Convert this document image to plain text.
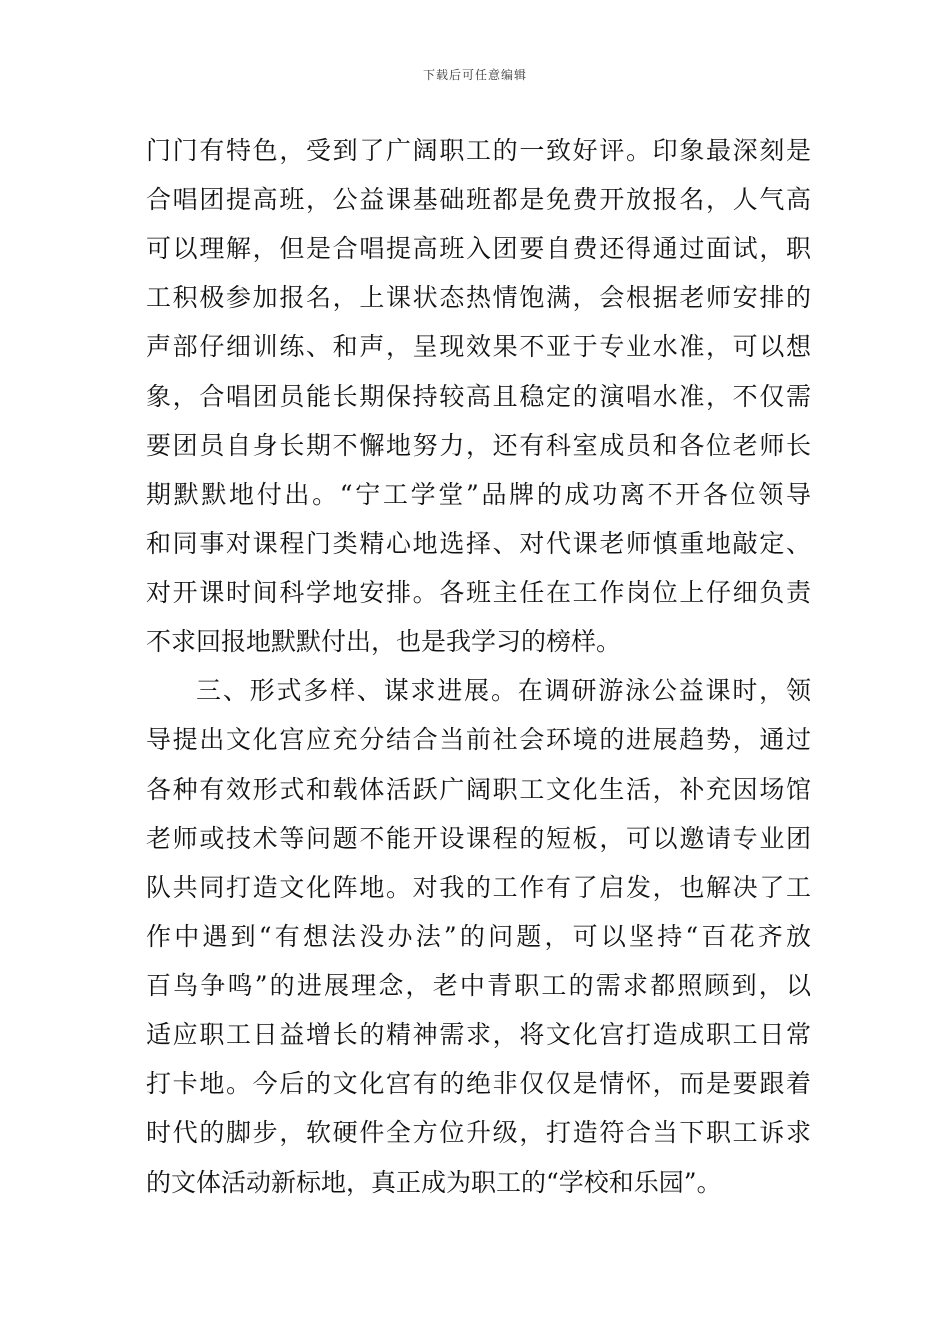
下载后可任意编辑
门门有特色，受到了广阔职工的一致好评。印象最深刻是
合唱团提高班，公益课基础班都是免费开放报名，人气高
可以理解，但是合唱提高班入团要自费还得通过面试，职
工积极参加报名，上课状态热情饱满，会根据老师安排的
声部仔细训练、和声，呈现效果不亚于专业水准，可以想
象，合唱团员能长期保持较高且稳定的演唱水准，不仅需
要团员自身长期不懈地努力，还有科室成员和各位老师长
期默默地付出。“宁工学堂”品牌的成功离不开各位领导
和同事对课程门类精心地选择、对代课老师慎重地敲定、
对开课时间科学地安排。各班主任在工作岗位上仔细负责
不求回报地默默付出，也是我学习的榜样。
三、形式多样、谋求进展。在调研游泳公益课时，领
导提出文化宫应充分结合当前社会环境的进展趋势，通过
各种有效形式和载体活跃广阔职工文化生活，补充因场馆
老师或技术等问题不能开设课程的短板，可以邀请专业团
队共同打造文化阵地。对我的工作有了启发，也解决了工
作中遇到“有想法没办法”的问题，可以坚持“百花齐放
百鸟争鸣”的进展理念，老中青职工的需求都照顾到，以
适应职工日益增长的精神需求，将文化宫打造成职工日常
打卡地。今后的文化宫有的绝非仅仅是情怀，而是要跟着
时代的脚步，软硬件全方位升级，打造符合当下职工诉求
的文体活动新标地，真正成为职工的“学校和乐园”。
